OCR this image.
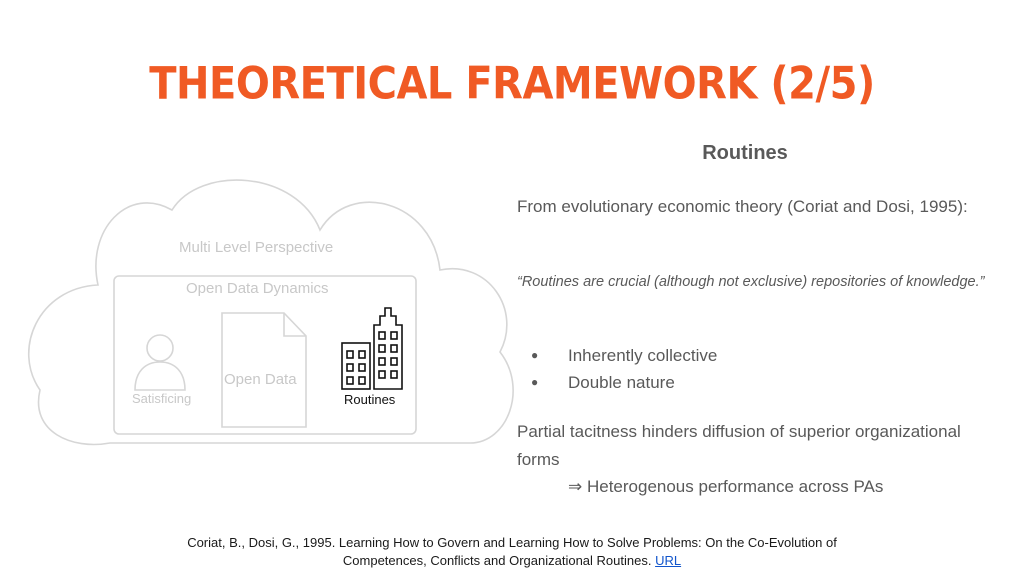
THEORETICAL FRAMEWORK (2/5)
Multi Level Perspective
Open Data Dynamics
Satisficing
Open Data
Routines
Routines
From evolutionary economic theory (Coriat and Dosi, 1995):
“Routines are crucial (although not exclusive) repositories of knowledge.”
● Inherently collective
● Double nature
Partial tacitness hinders diffusion of superior organizational forms
⇒ Heterogenous performance across PAs
Coriat, B., Dosi, G., 1995. Learning How to Govern and Learning How to Solve Problems: On the Co-Evolution of Competences, Conflicts and Organizational Routines. URL
